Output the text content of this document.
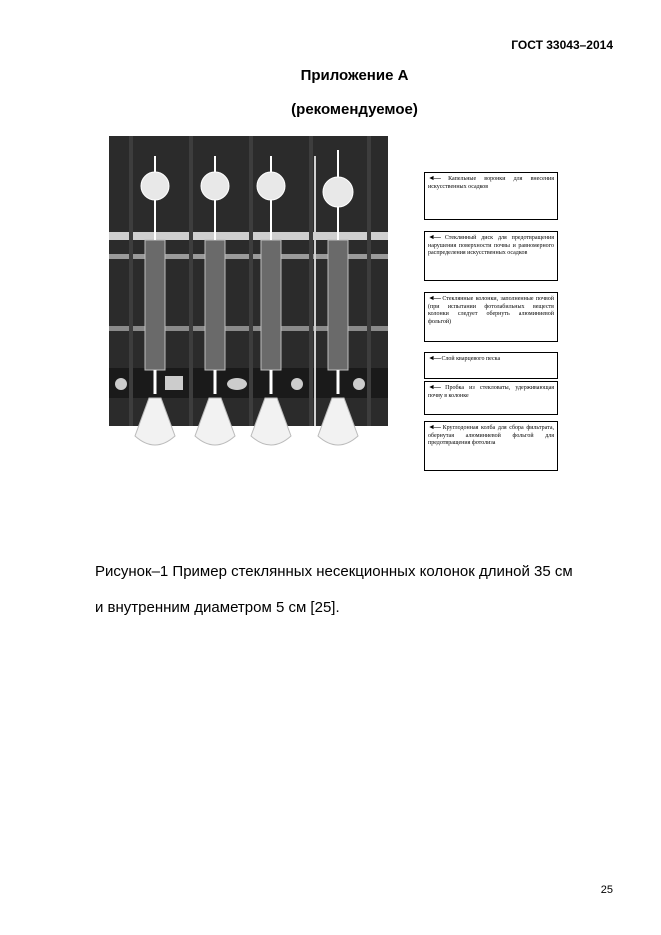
ГОСТ 33043–2014
Приложение А
(рекомендуемое)
◄— Капельные воронки для внесения искусственных осадков
◄— Стеклянный диск для предотвращения нарушения поверхности почвы и равномерного распределения искусственных осадков
◄— Стеклянные колонки, заполненные почвой (при испытании фотолабильных веществ колонки следует обернуть алюминиевой фольгой)
◄— Слой кварцевого песка
◄— Пробка из стекловаты, удерживающая почву в колонке
◄— Круглодонная колба для сбора фильтрата, обернутая алюминиевой фольгой для предотвращения фотолиза
Рисунок–1 Пример стеклянных несекционных колонок длиной 35 см
и внутренним диаметром 5 см [25].
25
